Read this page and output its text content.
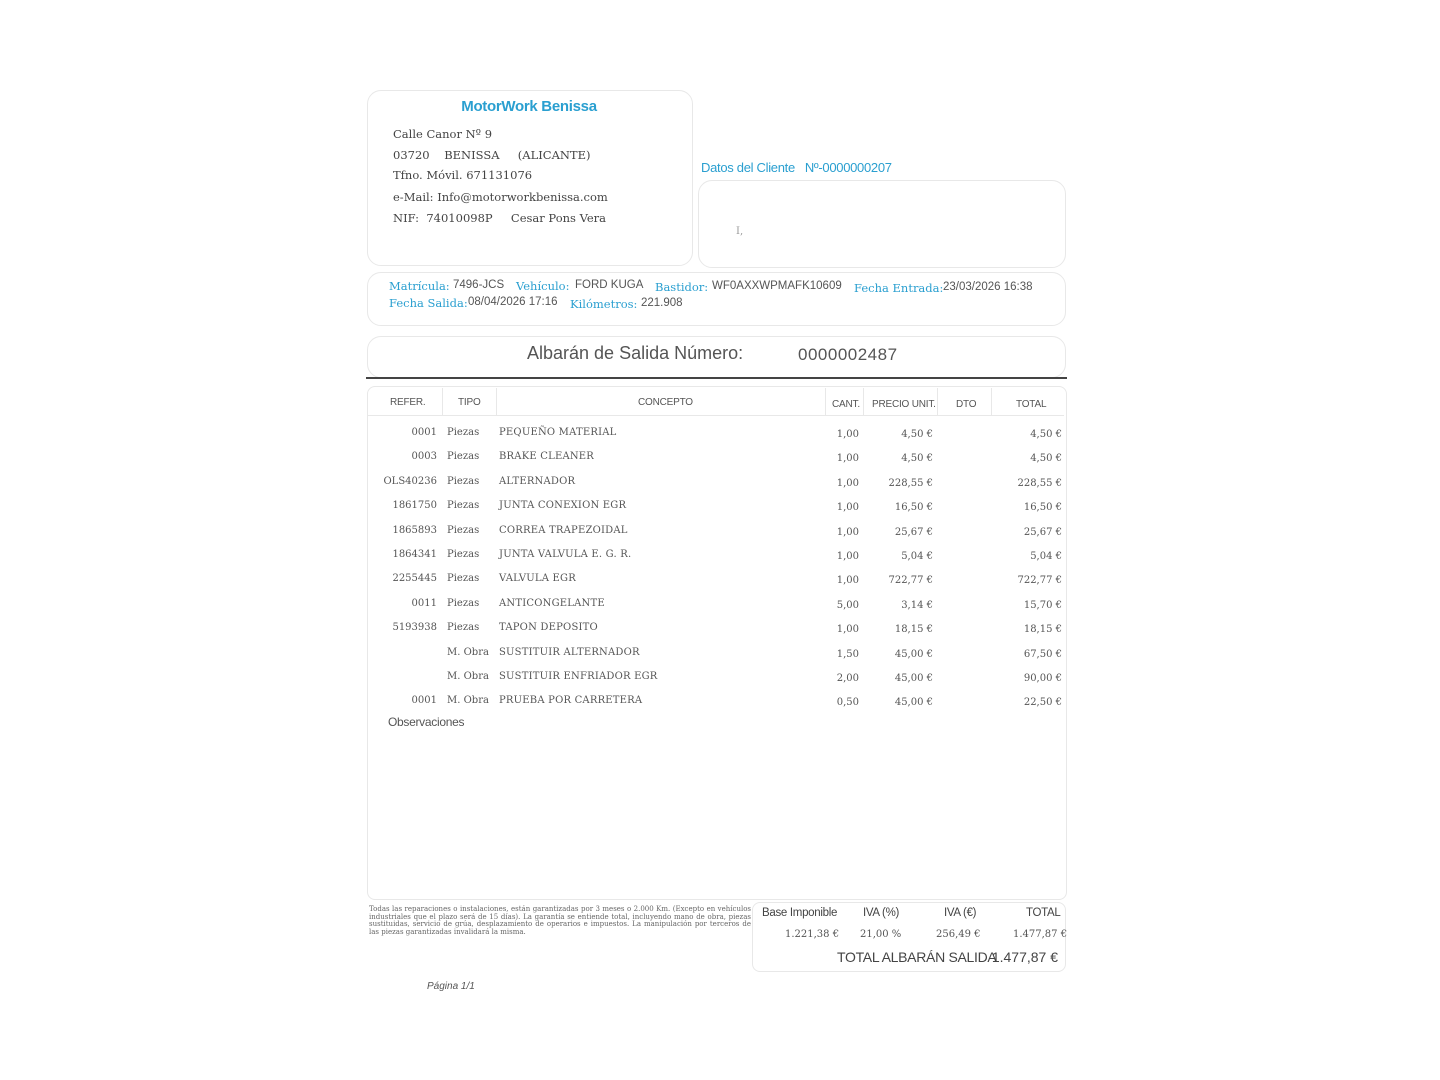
MotorWork Benissa
Calle Canor Nº 9
03720    BENISSA     (ALICANTE)
Tfno. Móvil. 671131076
e-Mail: Info@motorworkbenissa.com
NIF:  74010098P     Cesar Pons Vera
Datos del Cliente   Nº-0000000207
I,
Matrícula: 7496-JCS Vehículo: FORD KUGA Bastidor: WF0AXXWPMAFK10609 Fecha Entrada: 23/03/2026 16:38
Fecha Salida: 08/04/2026 17:16 Kilómetros: 221.908
Albarán de Salida Número:	0000002487
REFER.	TIPO	CONCEPTO	CANT. PRECIO UNIT. DTO	TOTAL
0001 Piezas PEQUEÑO MATERIAL	1,00	4,50 €	4,50 €
0003 Piezas BRAKE CLEANER	1,00	4,50 €	4,50 €
OLS40236 Piezas ALTERNADOR	1,00	228,55 €	228,55 €
1861750 Piezas JUNTA CONEXION EGR	1,00	16,50 €	16,50 €
1865893 Piezas CORREA TRAPEZOIDAL	1,00	25,67 €	25,67 €
1864341 Piezas JUNTA VALVULA E. G. R.	1,00	5,04 €	5,04 €
2255445 Piezas VALVULA EGR	1,00	722,77 €	722,77 €
0011 Piezas ANTICONGELANTE	5,00	3,14 €	15,70 €
5193938 Piezas TAPON DEPOSITO	1,00	18,15 €	18,15 €
M. Obra SUSTITUIR ALTERNADOR	1,50	45,00 €	67,50 €
M. Obra SUSTITUIR ENFRIADOR EGR	2,00	45,00 €	90,00 €
0001 M. Obra PRUEBA POR CARRETERA	0,50	45,00 €	22,50 €
Observaciones
Todas las reparaciones o instalaciones, están garantizadas por 3 meses o 2.000 Km. (Excepto en vehículos industriales que el plazo será de 15 días). La garantía se entiende total, incluyendo mano de obra, piezas sustituidas, servicio de grúa, desplazamiento de operarios e impuestos. La manipulación por terceros de las piezas garantizadas invalidará la misma.
Base Imponible IVA (%)	IVA (€)	TOTAL
1.221,38 € 21,00 %	256,49 €	1.477,87 €
TOTAL ALBARÁN SALIDA
1.477,87 €
Página 1/1
